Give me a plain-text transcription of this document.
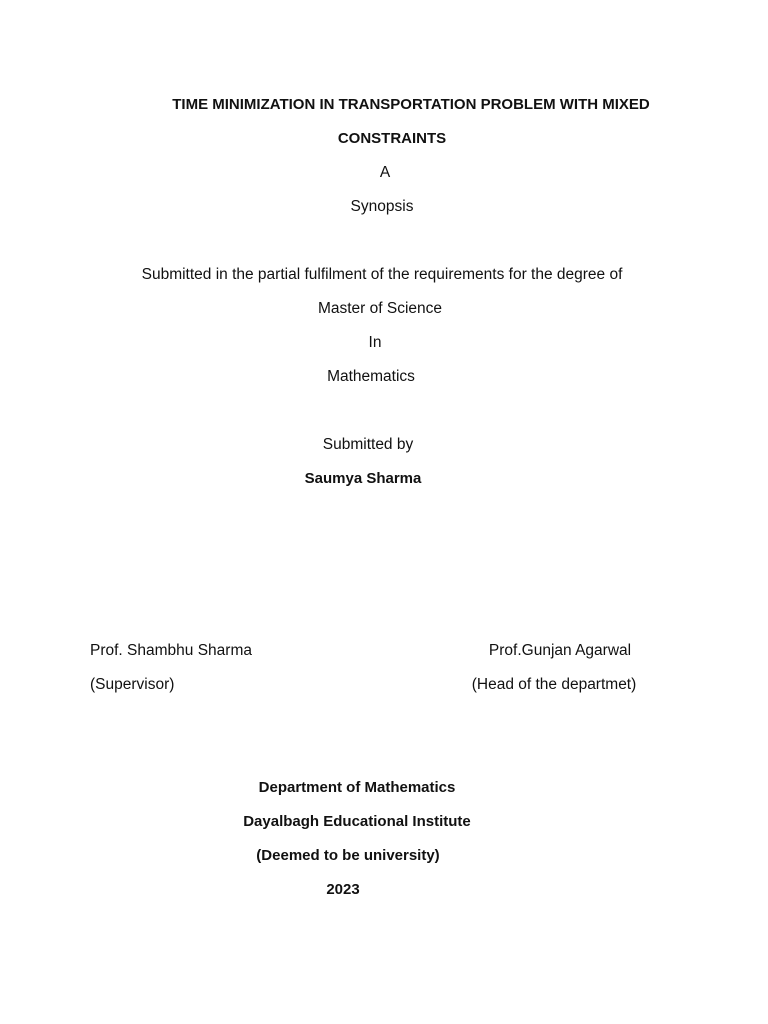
TIME MINIMIZATION IN TRANSPORTATION PROBLEM WITH MIXED
CONSTRAINTS
A
Synopsis
Submitted in the partial fulfilment of the requirements for the degree of
Master of Science
In
Mathematics
Submitted by
Saumya Sharma
Prof. Shambhu Sharma
(Supervisor)
Prof.Gunjan Agarwal
(Head of the departmet)
Department of Mathematics
Dayalbagh Educational Institute
(Deemed to be university)
2023
